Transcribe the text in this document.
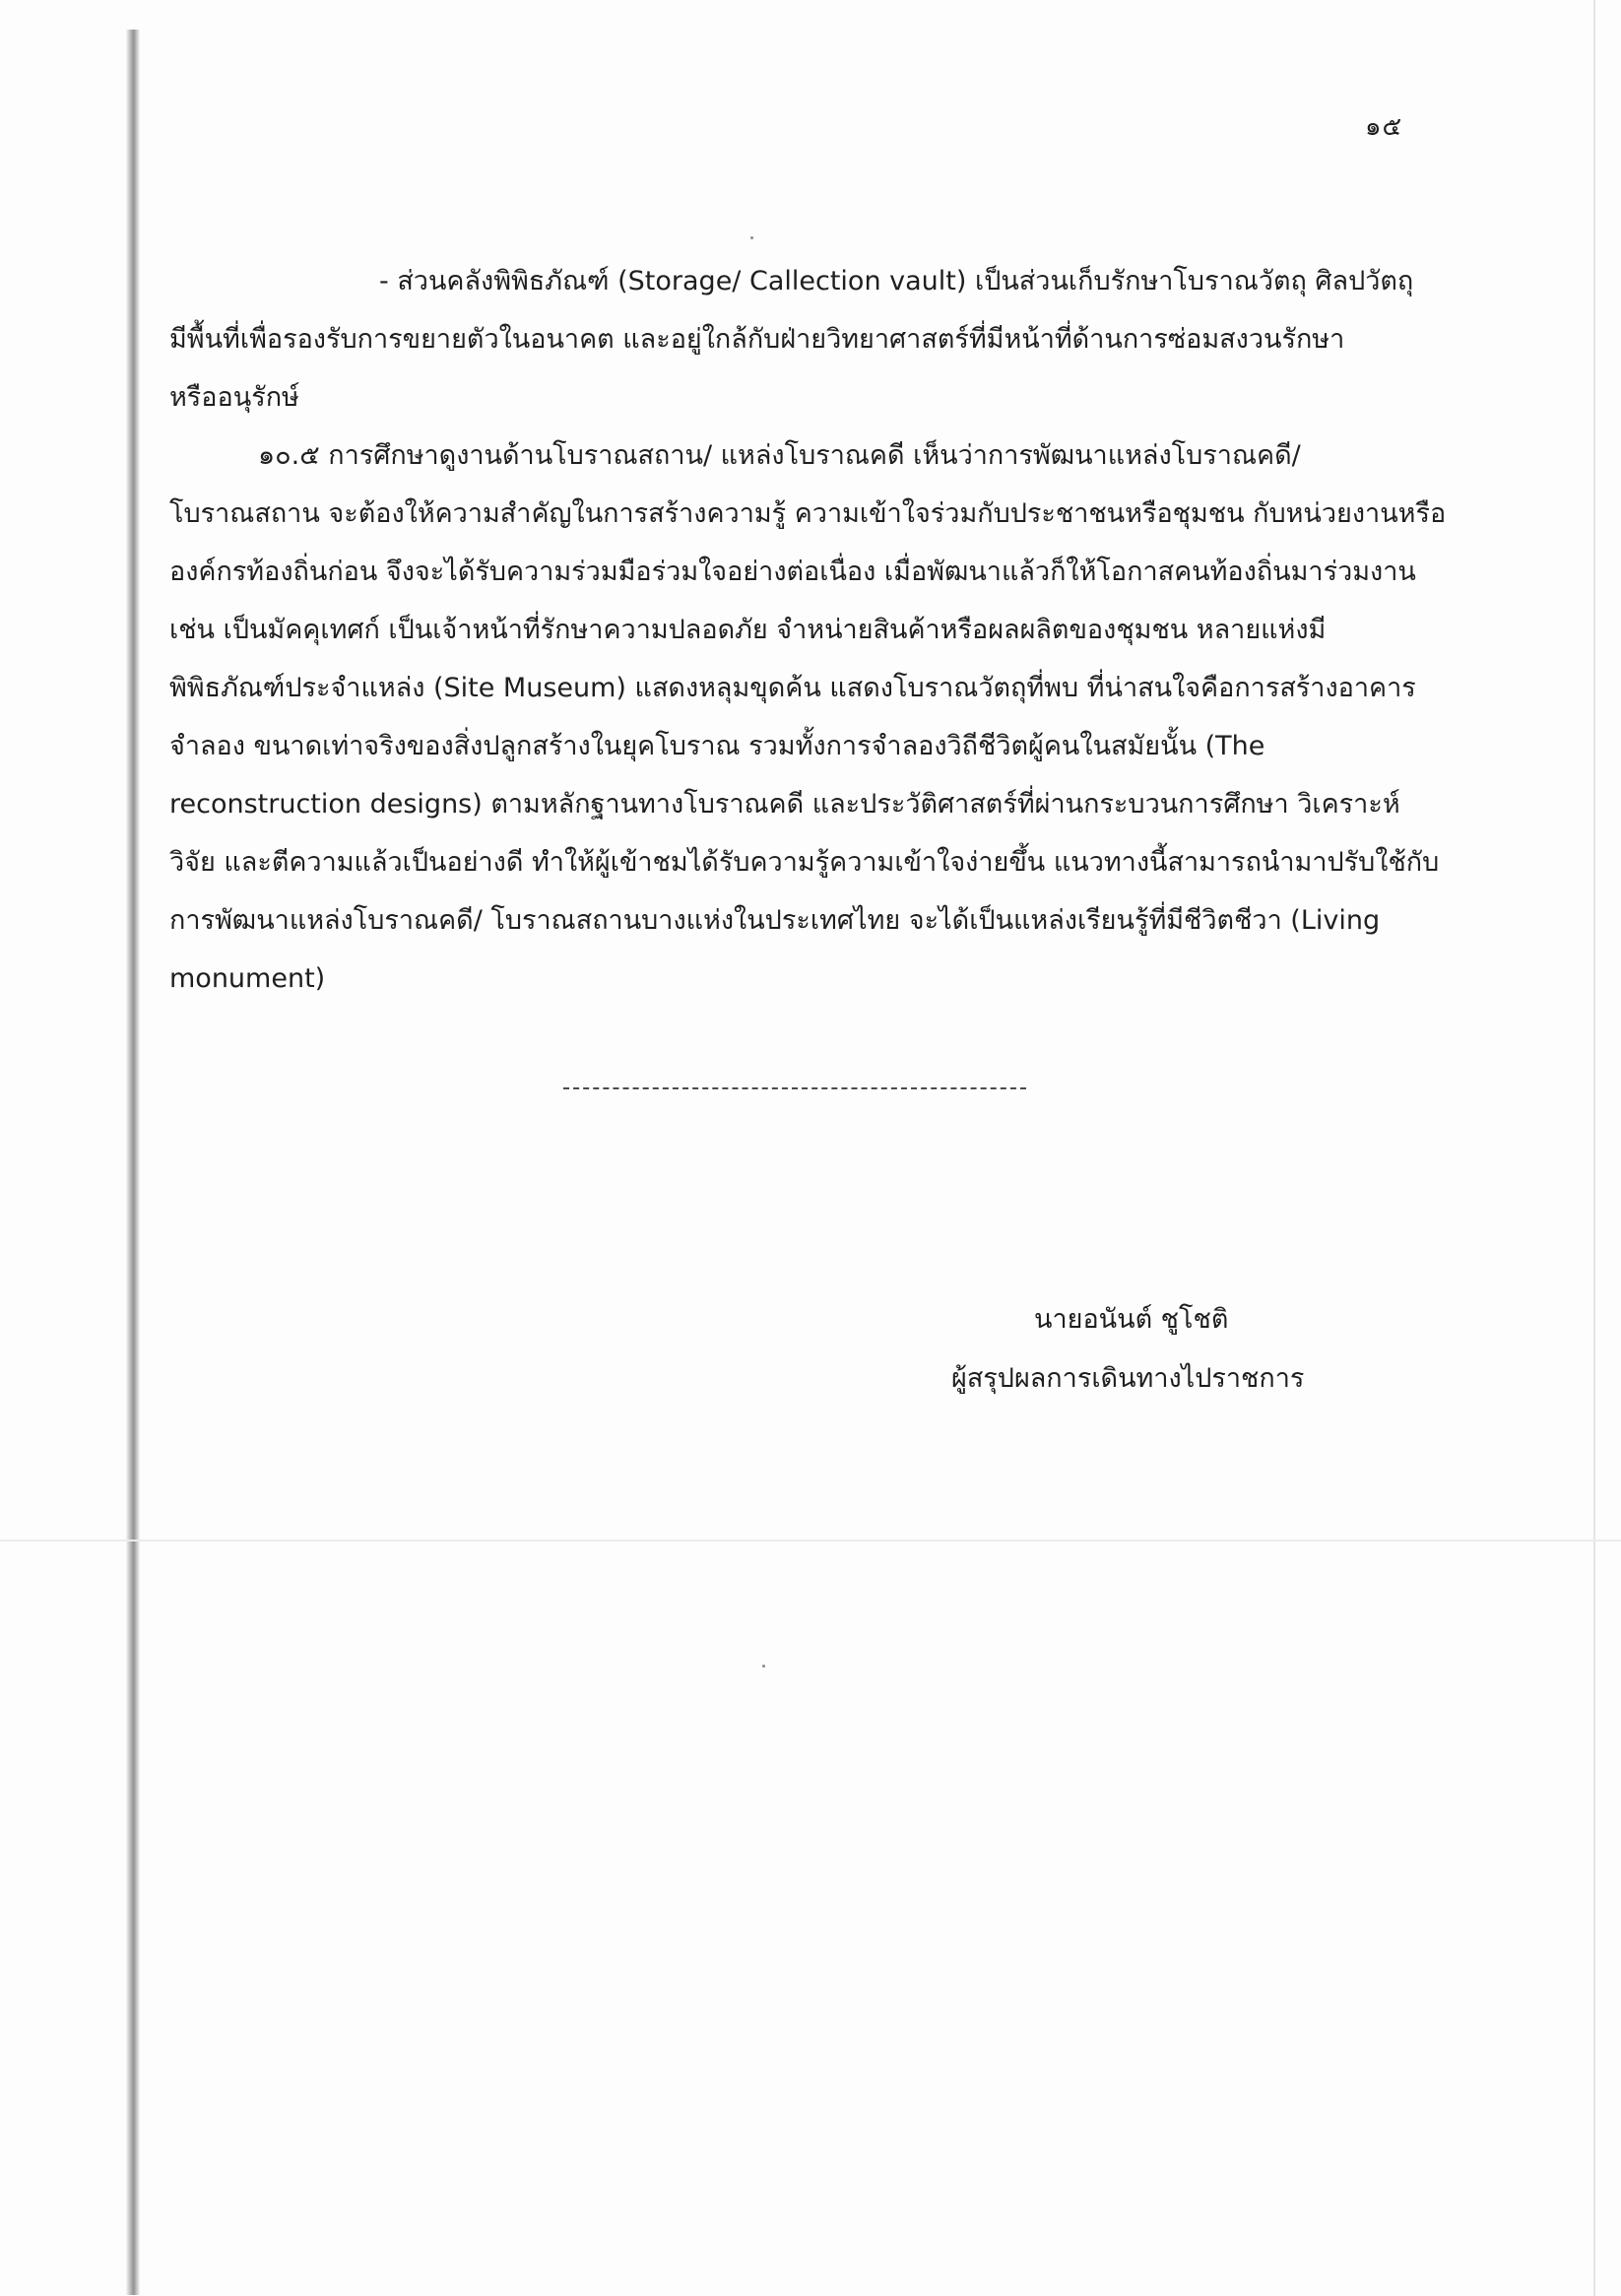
๑๕
- ส่วนคลังพิพิธภัณฑ์ (Storage/ Callection vault) เป็นส่วนเก็บรักษาโบราณวัตถุ ศิลปวัตถุ
มีพื้นที่เพื่อรองรับการขยายตัวในอนาคต และอยู่ใกล้กับฝ่ายวิทยาศาสตร์ที่มีหน้าที่ด้านการซ่อมสงวนรักษา
หรืออนุรักษ์
๑๐.๕ การศึกษาดูงานด้านโบราณสถาน/ แหล่งโบราณคดี เห็นว่าการพัฒนาแหล่งโบราณคดี/
โบราณสถาน จะต้องให้ความสำคัญในการสร้างความรู้ ความเข้าใจร่วมกับประชาชนหรือชุมชน กับหน่วยงานหรือ
องค์กรท้องถิ่นก่อน จึงจะได้รับความร่วมมือร่วมใจอย่างต่อเนื่อง เมื่อพัฒนาแล้วก็ให้โอกาสคนท้องถิ่นมาร่วมงาน
เช่น เป็นมัคคุเทศก์ เป็นเจ้าหน้าที่รักษาความปลอดภัย จำหน่ายสินค้าหรือผลผลิตของชุมชน หลายแห่งมี
พิพิธภัณฑ์ประจำแหล่ง (Site Museum) แสดงหลุมขุดค้น แสดงโบราณวัตถุที่พบ ที่น่าสนใจคือการสร้างอาคาร
จำลอง ขนาดเท่าจริงของสิ่งปลูกสร้างในยุคโบราณ รวมทั้งการจำลองวิถีชีวิตผู้คนในสมัยนั้น (The
reconstruction designs) ตามหลักฐานทางโบราณคดี และประวัติศาสตร์ที่ผ่านกระบวนการศึกษา วิเคราะห์
วิจัย และตีความแล้วเป็นอย่างดี ทำให้ผู้เข้าชมได้รับความรู้ความเข้าใจง่ายขึ้น แนวทางนี้สามารถนำมาปรับใช้กับ
การพัฒนาแหล่งโบราณคดี/ โบราณสถานบางแห่งในประเทศไทย จะได้เป็นแหล่งเรียนรู้ที่มีชีวิตชีวา (Living
monument)
นายอนันต์ ชูโชติ
ผู้สรุปผลการเดินทางไปราชการ
